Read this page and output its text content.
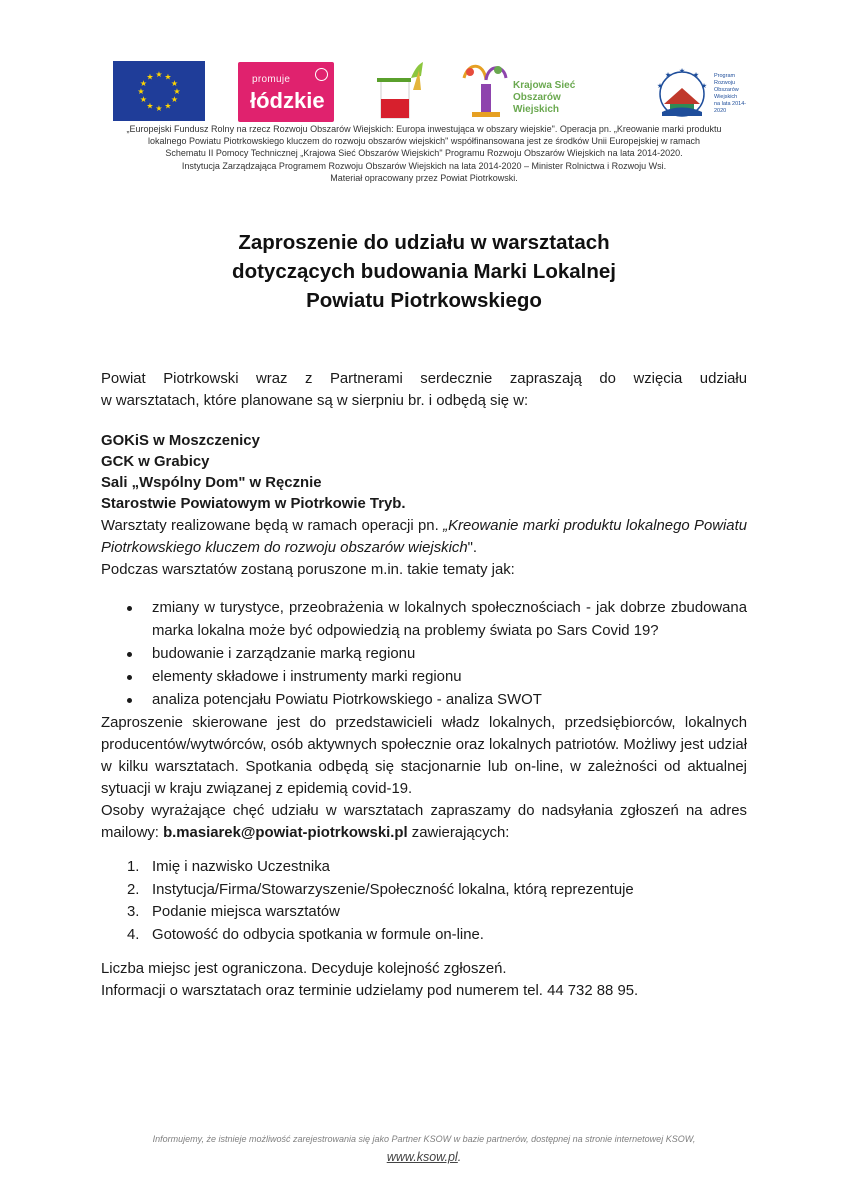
★ ★
★
★
★
★
★
★
★
★
★
★	promuje
łódzkie
Krajowa Sieć
Obszarów Wiejskich
★ ★
★
★
★
Program
Rozwoju
Obszarów
Wiejskich
na lata 2014-2020
„Europejski Fundusz Rolny na rzecz Rozwoju Obszarów Wiejskich: Europa inwestująca w obszary wiejskie". Operacja pn. „Kreowanie marki produktu
lokalnego Powiatu Piotrkowskiego kluczem do rozwoju obszarów wiejskich" współfinansowana jest ze środków Unii Europejskiej w ramach
Schematu II Pomocy Technicznej „Krajowa Sieć Obszarów Wiejskich" Programu Rozwoju Obszarów Wiejskich na lata 2014-2020.
Instytucja Zarządzająca Programem Rozwoju Obszarów Wiejskich na lata 2014-2020 – Minister Rolnictwa i Rozwoju Wsi.
Materiał opracowany przez Powiat Piotrkowski.
Zaproszenie do udziału w warsztatach
dotyczących budowania Marki Lokalnej
Powiatu Piotrkowskiego

Powiat Piotrkowski wraz z Partnerami serdecznie zapraszają do wzięcia udziału

w warsztatach, które planowane są w sierpniu br. i odbędą się w:

GOKiS w Moszczenicy
GCK w Grabicy
Sali „Wspólny Dom" w Ręcznie
Starostwie Powiatowym w Piotrkowie Tryb.

Warsztaty realizowane będą w ramach operacji pn. „Kreowanie marki produktu lokalnego Powiatu Piotrkowskiego kluczem do rozwoju obszarów wiejskich".

Podczas warsztatów zostaną poruszone m.in. takie tematy jak:

zmiany w turystyce, przeobrażenia w lokalnych społecznościach - jak dobrze zbudowana marka lokalna może być odpowiedzią na problemy świata po Sars Covid 19?
budowanie i zarządzanie marką regionu
elementy składowe i instrumenty marki regionu
analiza potencjału Powiatu Piotrkowskiego - analiza SWOT

Zaproszenie skierowane jest do przedstawicieli władz lokalnych, przedsiębiorców, lokalnych producentów/wytwórców, osób aktywnych społecznie oraz lokalnych patriotów. Możliwy jest udział w kilku warsztatach. Spotkania odbędą się stacjonarnie lub on-line, w zależności od aktualnej sytuacji w kraju związanej z epidemią covid-19.

Osoby wyrażające chęć udziału w warsztatach zapraszamy do nadsyłania zgłoszeń na adres mailowy: b.masiarek@powiat-piotrkowski.pl zawierających:

1. Imię i nazwisko Uczestnika
2. Instytucja/Firma/Stowarzyszenie/Społeczność lokalna, którą reprezentuje
3. Podanie miejsca warsztatów
4. Gotowość do odbycia spotkania w formule on-line.

Liczba miejsc jest ograniczona. Decyduje kolejność zgłoszeń.

Informacji o warsztatach oraz terminie udzielamy pod numerem tel. 44 732 88 95.

Informujemy, że istnieje możliwość zarejestrowania się jako Partner KSOW w bazie partnerów, dostępnej na stronie internetowej KSOW,
www.ksow.pl.
